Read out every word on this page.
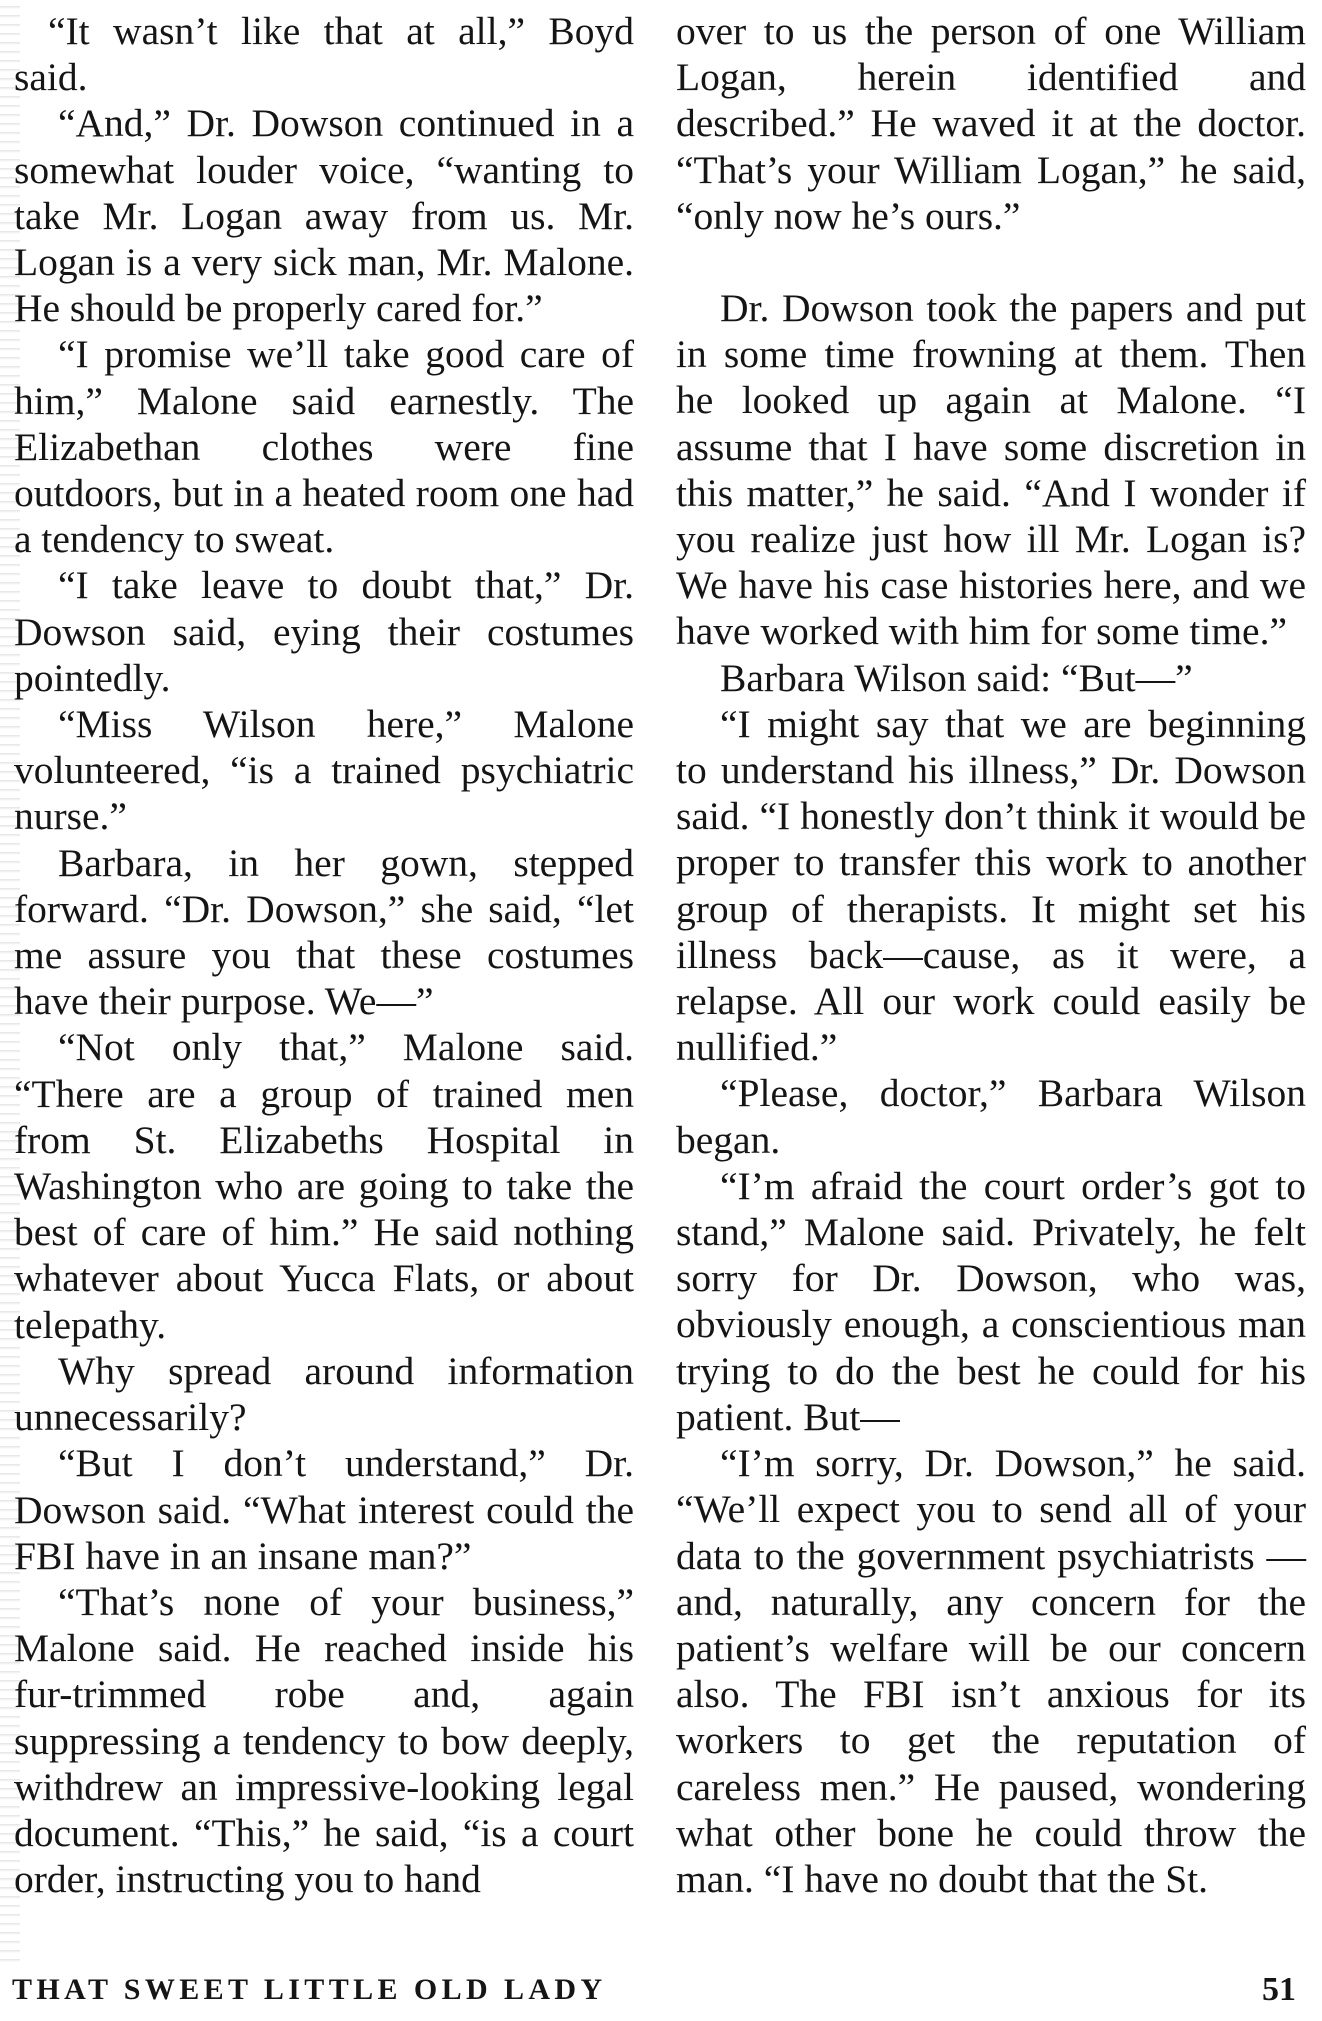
“It wasn’t like that at all,” Boyd said.

“And,” Dr. Dowson continued in a somewhat louder voice, “wanting to take Mr. Logan away from us. Mr. Logan is a very sick man, Mr. Malone. He should be properly cared for.”

“I promise we’ll take good care of him,” Malone said earnestly. The Elizabethan clothes were fine outdoors, but in a heated room one had a tendency to sweat.

“I take leave to doubt that,” Dr. Dowson said, eying their costumes pointedly.

“Miss Wilson here,” Malone volunteered, “is a trained psychiatric nurse.”

Barbara, in her gown, stepped forward. “Dr. Dowson,” she said, “let me assure you that these costumes have their purpose. We—”

“Not only that,” Malone said. “There are a group of trained men from St. Elizabeths Hospital in Washington who are going to take the best of care of him.” He said nothing whatever about Yucca Flats, or about telepathy.

Why spread around information unnecessarily?

“But I don’t understand,” Dr. Dowson said. “What interest could the FBI have in an insane man?”

“That’s none of your business,” Malone said. He reached inside his fur-trimmed robe and, again suppressing a tendency to bow deeply, withdrew an impressive-looking legal document. “This,” he said, “is a court order, instructing you to hand

over to us the person of one William Logan, herein identified and described.” He waved it at the doctor. “That’s your William Logan,” he said, “only now he’s ours.”

Dr. Dowson took the papers and put in some time frowning at them. Then he looked up again at Malone. “I assume that I have some discretion in this matter,” he said. “And I wonder if you realize just how ill Mr. Logan is? We have his case histories here, and we have worked with him for some time.”

Barbara Wilson said: “But—”

“I might say that we are beginning to understand his illness,” Dr. Dowson said. “I honestly don’t think it would be proper to transfer this work to another group of therapists. It might set his illness back—cause, as it were, a relapse. All our work could easily be nullified.”

“Please, doctor,” Barbara Wilson began.

“I’m afraid the court order’s got to stand,” Malone said. Privately, he felt sorry for Dr. Dowson, who was, obviously enough, a conscientious man trying to do the best he could for his patient. But—

“I’m sorry, Dr. Dowson,” he said. “We’ll expect you to send all of your data to the government psychiatrists —and, naturally, any concern for the patient’s welfare will be our concern also. The FBI isn’t anxious for its workers to get the reputation of careless men.” He paused, wondering what other bone he could throw the man. “I have no doubt that the St.

THAT SWEET LITTLE OLD LADY	51
